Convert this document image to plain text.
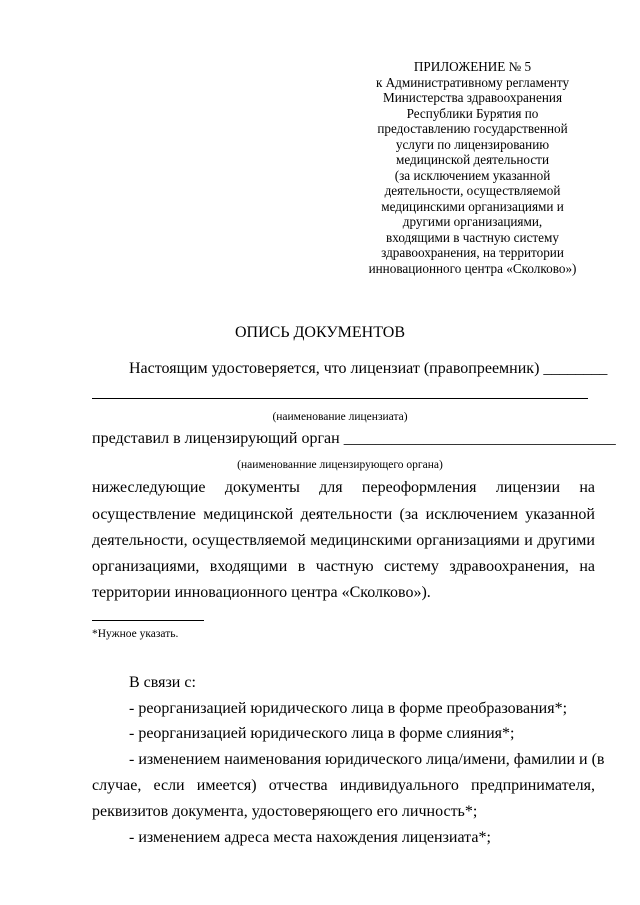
ПРИЛОЖЕНИЕ № 5
к Административному регламенту
Министерства здравоохранения
Республики Бурятия по
предоставлению государственной
услуги по лицензированию
медицинской деятельности
(за исключением указанной
деятельности, осуществляемой
медицинскими организациями и
другими организациями,
входящими в частную систему
здравоохранения, на территории
инновационного центра «Сколково»)
ОПИСЬ ДОКУМЕНТОВ
Настоящим удостоверяется, что лицензиат (правопреемник) ________
(наименование лицензиата)
представил в лицензирующий орган __________________________________
(наименованние лицензирующего органа)
нижеследующие документы для переоформления лицензии на
осуществление медицинской деятельности (за исключением указанной
деятельности, осуществляемой медицинскими организациями и другими
организациями, входящими в частную систему здравоохранения, на
территории инновационного центра «Сколково»).
*Нужное указать.
В связи с:
- реорганизацией юридического лица в форме преобразования*;
- реорганизацией юридического лица в форме слияния*;
- изменением наименования юридического лица/имени, фамилии и (в
случае, если имеется) отчества индивидуального предпринимателя,
реквизитов документа, удостоверяющего его личность*;
- изменением адреса места нахождения лицензиата*;
